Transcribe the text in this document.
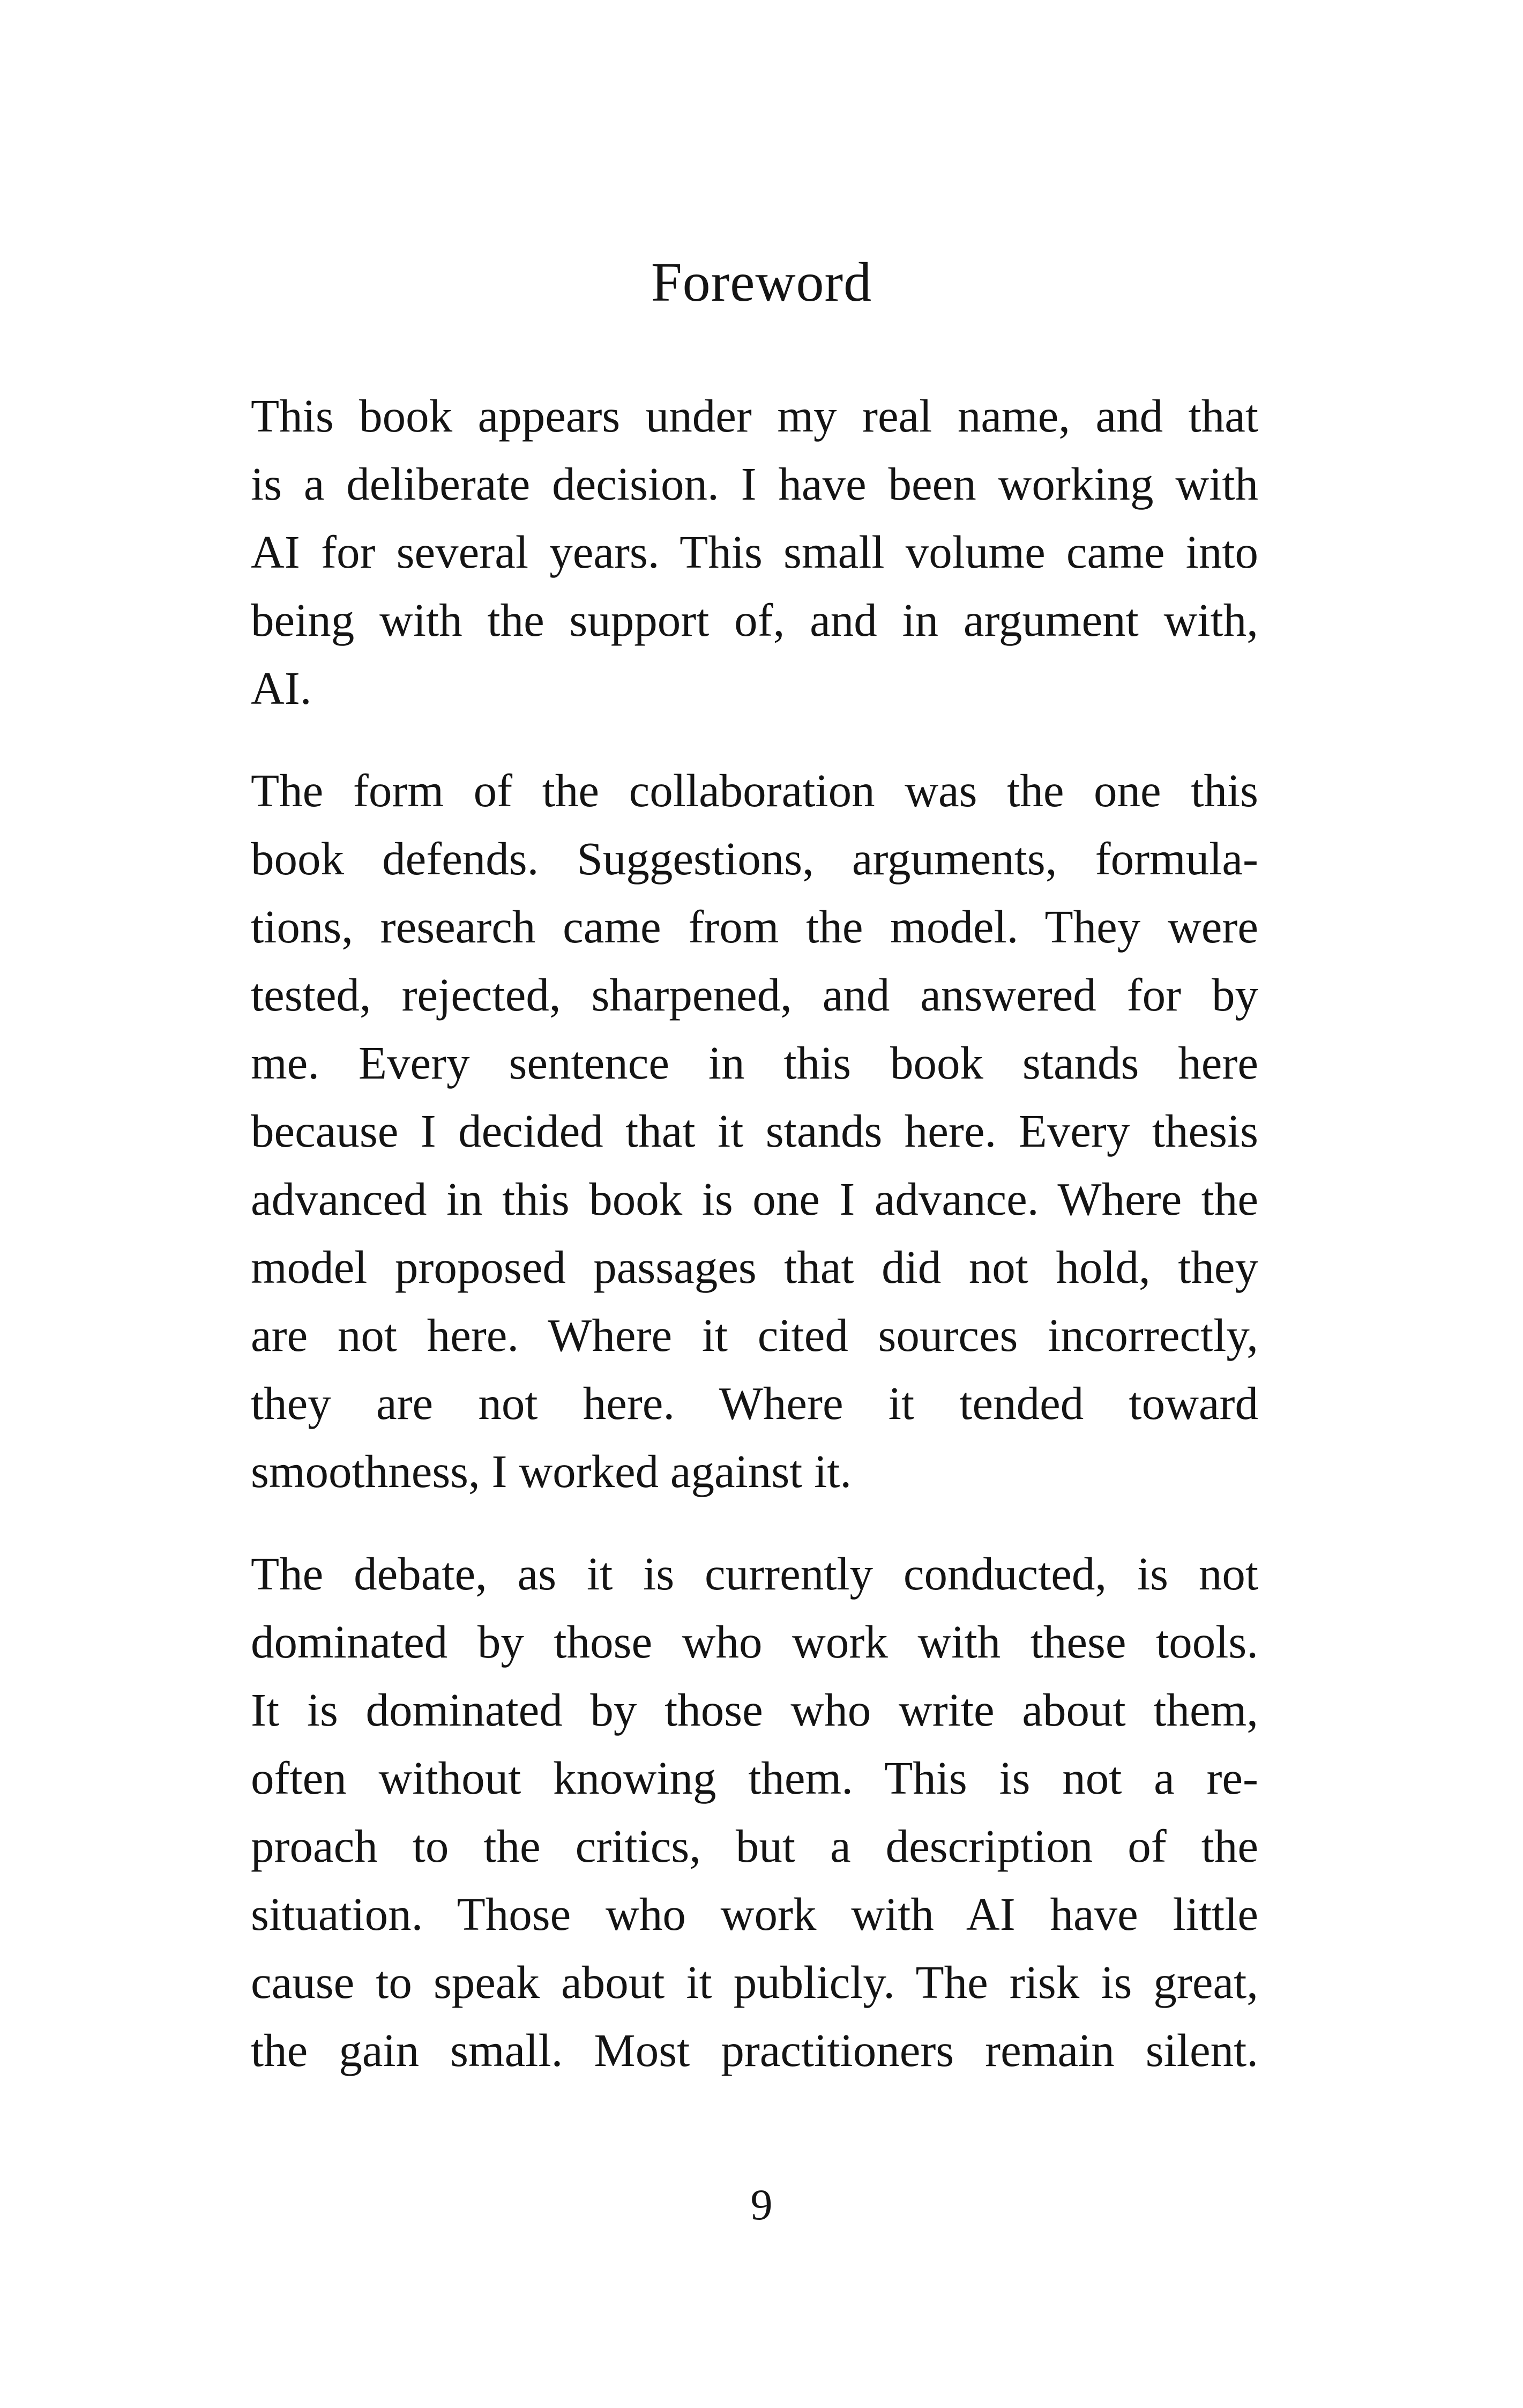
Foreword
This book appears under my real name, and that
is a deliberate decision. I have been working with
AI for several years. This small volume came into
being with the support of, and in argument with,
AI.
The form of the collaboration was the one this
book defends. Suggestions, arguments, formula-
tions, research came from the model. They were
tested, rejected, sharpened, and answered for by
me. Every sentence in this book stands here
because I decided that it stands here. Every thesis
advanced in this book is one I advance. Where the
model proposed passages that did not hold, they
are not here. Where it cited sources incorrectly,
they are not here. Where it tended toward
smoothness, I worked against it.
The debate, as it is currently conducted, is not
dominated by those who work with these tools.
It is dominated by those who write about them,
often without knowing them. This is not a re-
proach to the critics, but a description of the
situation. Those who work with AI have little
cause to speak about it publicly. The risk is great,
the gain small. Most practitioners remain silent.
9
